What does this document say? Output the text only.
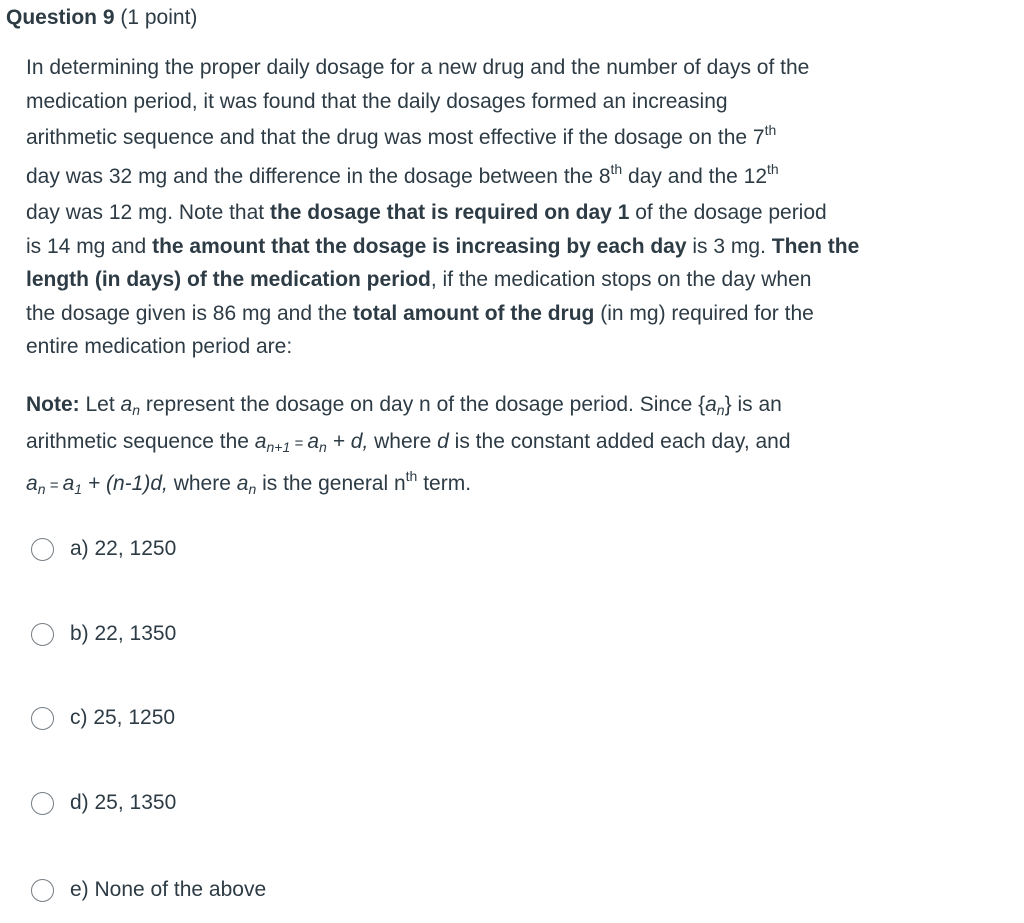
Question 9 (1 point)

In determining the proper daily dosage for a new drug and the number of days of the
medication period, it was found that the daily dosages formed an increasing
arithmetic sequence and that the drug was most effective if the dosage on the 7th
day was 32 mg and the difference in the dosage between the 8th day and the 12th
day was 12 mg. Note that the dosage that is required on day 1 of the dosage period
is 14 mg and the amount that the dosage is increasing by each day is 3 mg. Then the
length (in days) of the medication period, if the medication stops on the day when
the dosage given is 86 mg and the total amount of the drug (in mg) required for the
entire medication period are:

Note: Let $a_n$ represent the dosage on day n of the dosage period. Since $\{a_n\}$ is an
arithmetic sequence the $a_{n+1} = a_n + d$, where d is the constant added each day, and
$a_n = a_1 + (n-1)d$, where $a_n$ is the general $n^{th}$ term.

a) 22, 1250
b) 22, 1350
c) 25, 1250
d) 25, 1350
e) None of the above
